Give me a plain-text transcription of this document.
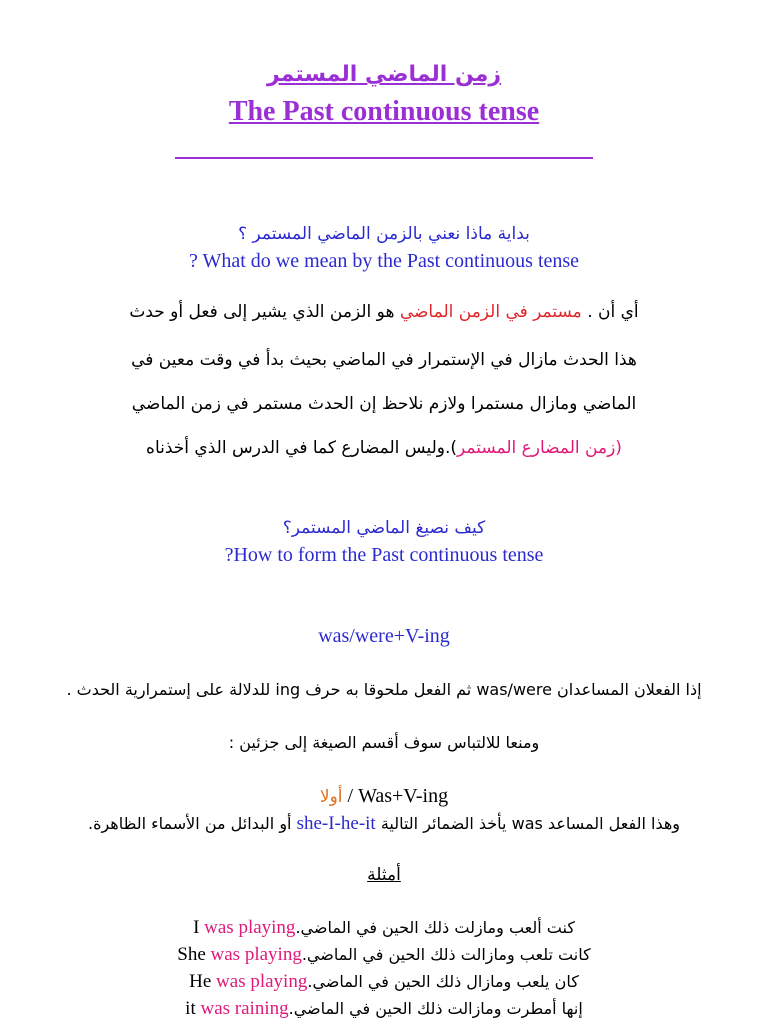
زمن الماضي المستمر
The Past continuous tense
بداية ماذا نعني بالزمن الماضي المستمر ؟
? What do we mean by the Past continuous tense
أي أن . مستمر في الزمن الماضي هو الزمن الذي يشير إلى فعل أو حدث
هذا الحدث مازال في الإستمرار في الماضي بحيث بدأ في وقت معين في
الماضي ومازال مستمرا ولازم نلاحظ إن الحدث مستمر في زمن الماضي
(زمن المضارع المستمر).وليس المضارع كما في الدرس الذي أخذناه
كيف نصيغ الماضي المستمر؟
?How to form the Past continuous tense
was/were+V-ing
. للدلالة على إستمرارية الحدث ing ثم الفعل ملحوقا به حرف was/were إذا الفعلان المساعدان
: ومنعا للالتباس سوف أقسم الصيغة إلى جزئين
أولا / Was+V-ing
.أو البدائل من الأسماء الظاهرة she-I-he-it يأخذ الضمائر التالية was وهذا الفعل المساعد
أمثلة
I was playing.كنت ألعب ومازلت ذلك الحين في الماضي
She was playing.كانت تلعب ومازالت ذلك الحين في الماضي
He was playing.كان يلعب ومازال ذلك الحين في الماضي
it was raining.إنها أمطرت ومازالت ذلك الحين في الماضي
